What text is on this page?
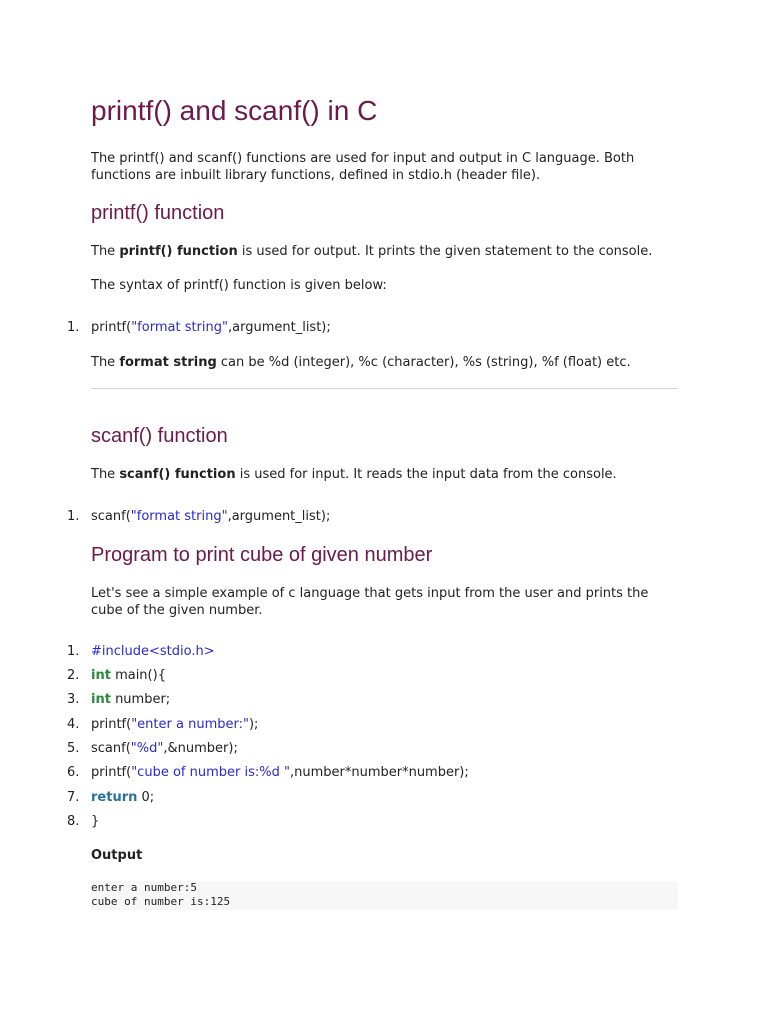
printf() and scanf() in C

The printf() and scanf() functions are used for input and output in C language. Both functions are inbuilt library functions, defined in stdio.h (header file).

printf() function

The printf() function is used for output. It prints the given statement to the console.

The syntax of printf() function is given below:

1. printf("format string",argument_list);

The format string can be %d (integer), %c (character), %s (string), %f (float) etc.

scanf() function

The scanf() function is used for input. It reads the input data from the console.

1. scanf("format string",argument_list);
Program to print cube of given number

Let's see a simple example of c language that gets input from the user and prints the cube of the given number.

1. #include<stdio.h>
2. int main(){
3. int number;
4. printf("enter a number:");
5. scanf("%d",&number);
6. printf("cube of number is:%d ",number*number*number);
7. return 0;
8. }
Output
enter a number:5
cube of number is:125
